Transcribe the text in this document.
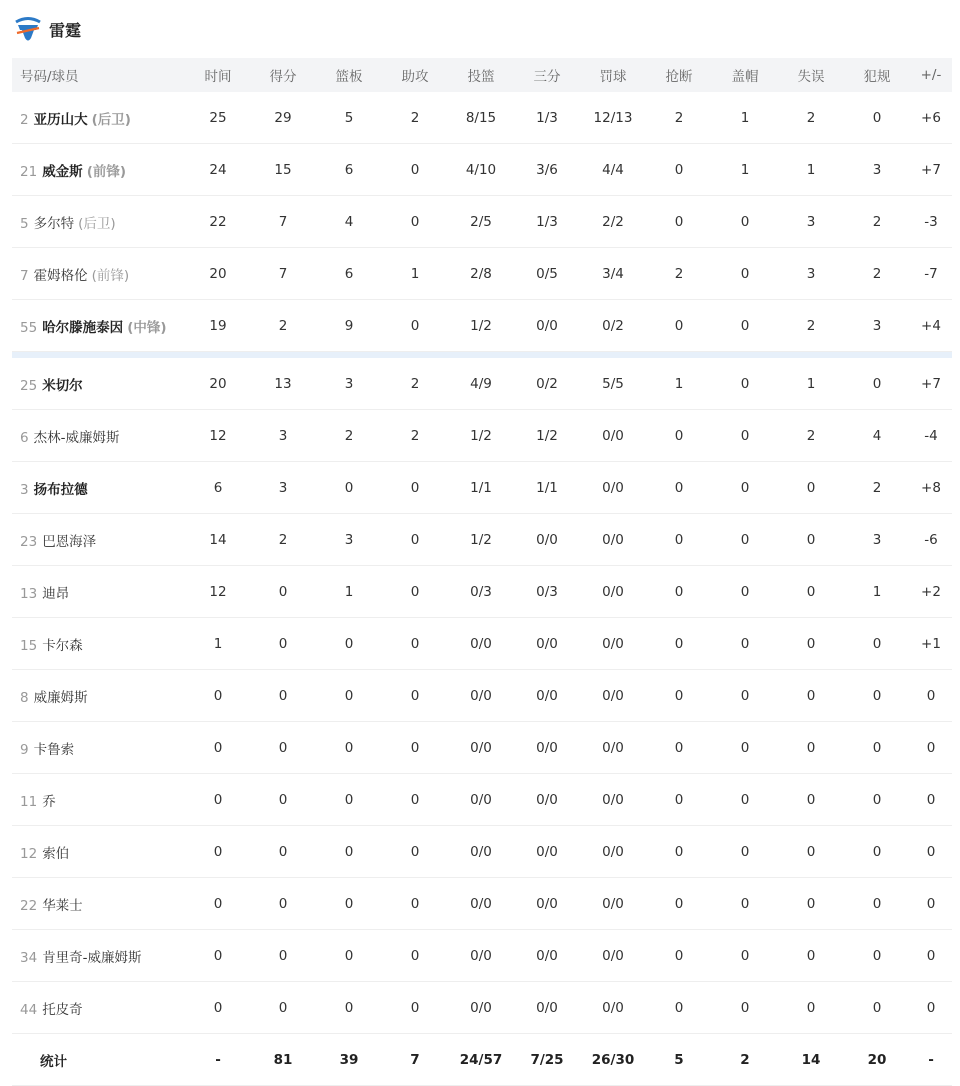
雷霆
号码/球员	时间	得分	篮板	助攻	投篮	三分	罚球	抢断	盖帽	失误	犯规	+/-
2 亚历山大 (后卫)	25	29	5	2	8/15	1/3	12/13	2	1	2	0	+6
21 威金斯 (前锋)	24	15	6	0	4/10	3/6	4/4	0	1	1	3	+7
5 多尔特 (后卫)	22	7	4	0	2/5	1/3	2/2	0	0	3	2	-3
7 霍姆格伦 (前锋)	20	7	6	1	2/8	0/5	3/4	2	0	3	2	-7
55 哈尔滕施泰因 (中锋)	19	2	9	0	1/2	0/0	0/2	0	0	2	3	+4

25 米切尔	20	13	3	2	4/9	0/2	5/5	1	0	1	0	+7
6 杰林-威廉姆斯	12	3	2	2	1/2	1/2	0/0	0	0	2	4	-4
3 扬布拉德	6	3	0	0	1/1	1/1	0/0	0	0	0	2	+8
23 巴恩海泽	14	2	3	0	1/2	0/0	0/0	0	0	0	3	-6
13 迪昂	12	0	1	0	0/3	0/3	0/0	0	0	0	1	+2
15 卡尔森	1	0	0	0	0/0	0/0	0/0	0	0	0	0	+1
8 威廉姆斯	0	0	0	0	0/0	0/0	0/0	0	0	0	0	0
9 卡鲁索	0	0	0	0	0/0	0/0	0/0	0	0	0	0	0
11 乔	0	0	0	0	0/0	0/0	0/0	0	0	0	0	0
12 索伯	0	0	0	0	0/0	0/0	0/0	0	0	0	0	0
22 华莱士	0	0	0	0	0/0	0/0	0/0	0	0	0	0	0
34 肯里奇-威廉姆斯	0	0	0	0	0/0	0/0	0/0	0	0	0	0	0
44 托皮奇	0	0	0	0	0/0	0/0	0/0	0	0	0	0	0
统计	-	81	39	7	24/57	7/25	26/30	5	2	14	20	-
